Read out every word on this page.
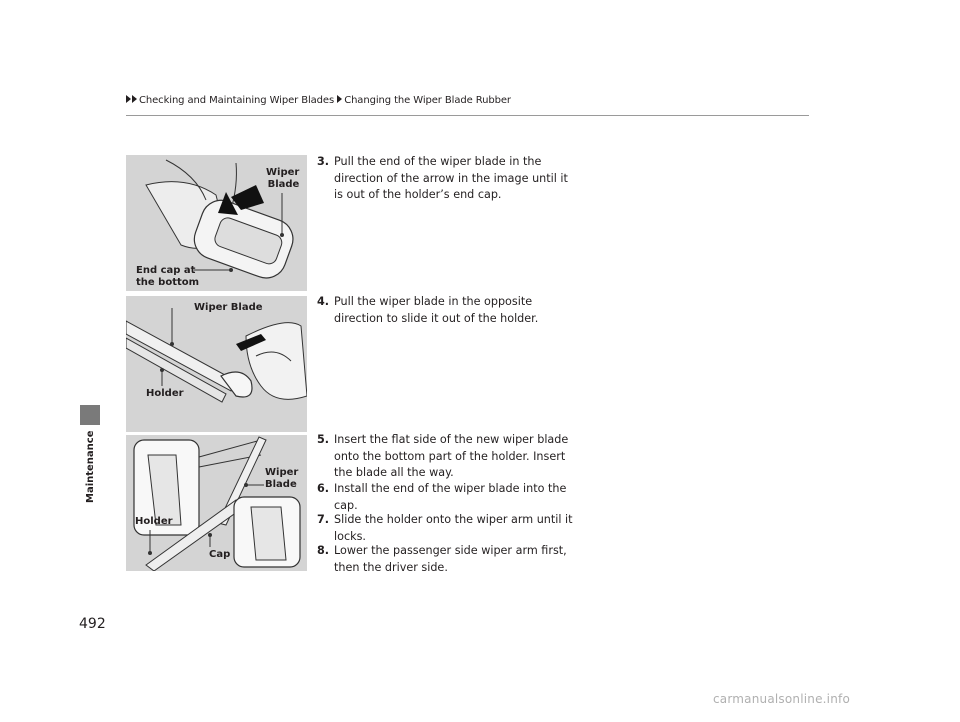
Checking and Maintaining Wiper Blades Changing the Wiper Blade Rubber
Maintenance
492
Wiper
Blade
End cap at
the bottom
Wiper Blade
Holder
Wiper
Blade
Holder
Cap
3. Pull the end of the wiper blade in the direction of the arrow in the image until it is out of the holder’s end cap.
4. Pull the wiper blade in the opposite direction to slide it out of the holder.
5. Insert the flat side of the new wiper blade onto the bottom part of the holder. Insert the blade all the way.
6. Install the end of the wiper blade into the cap.
7. Slide the holder onto the wiper arm until it locks.
8. Lower the passenger side wiper arm first, then the driver side.
carmanualsonline.info
